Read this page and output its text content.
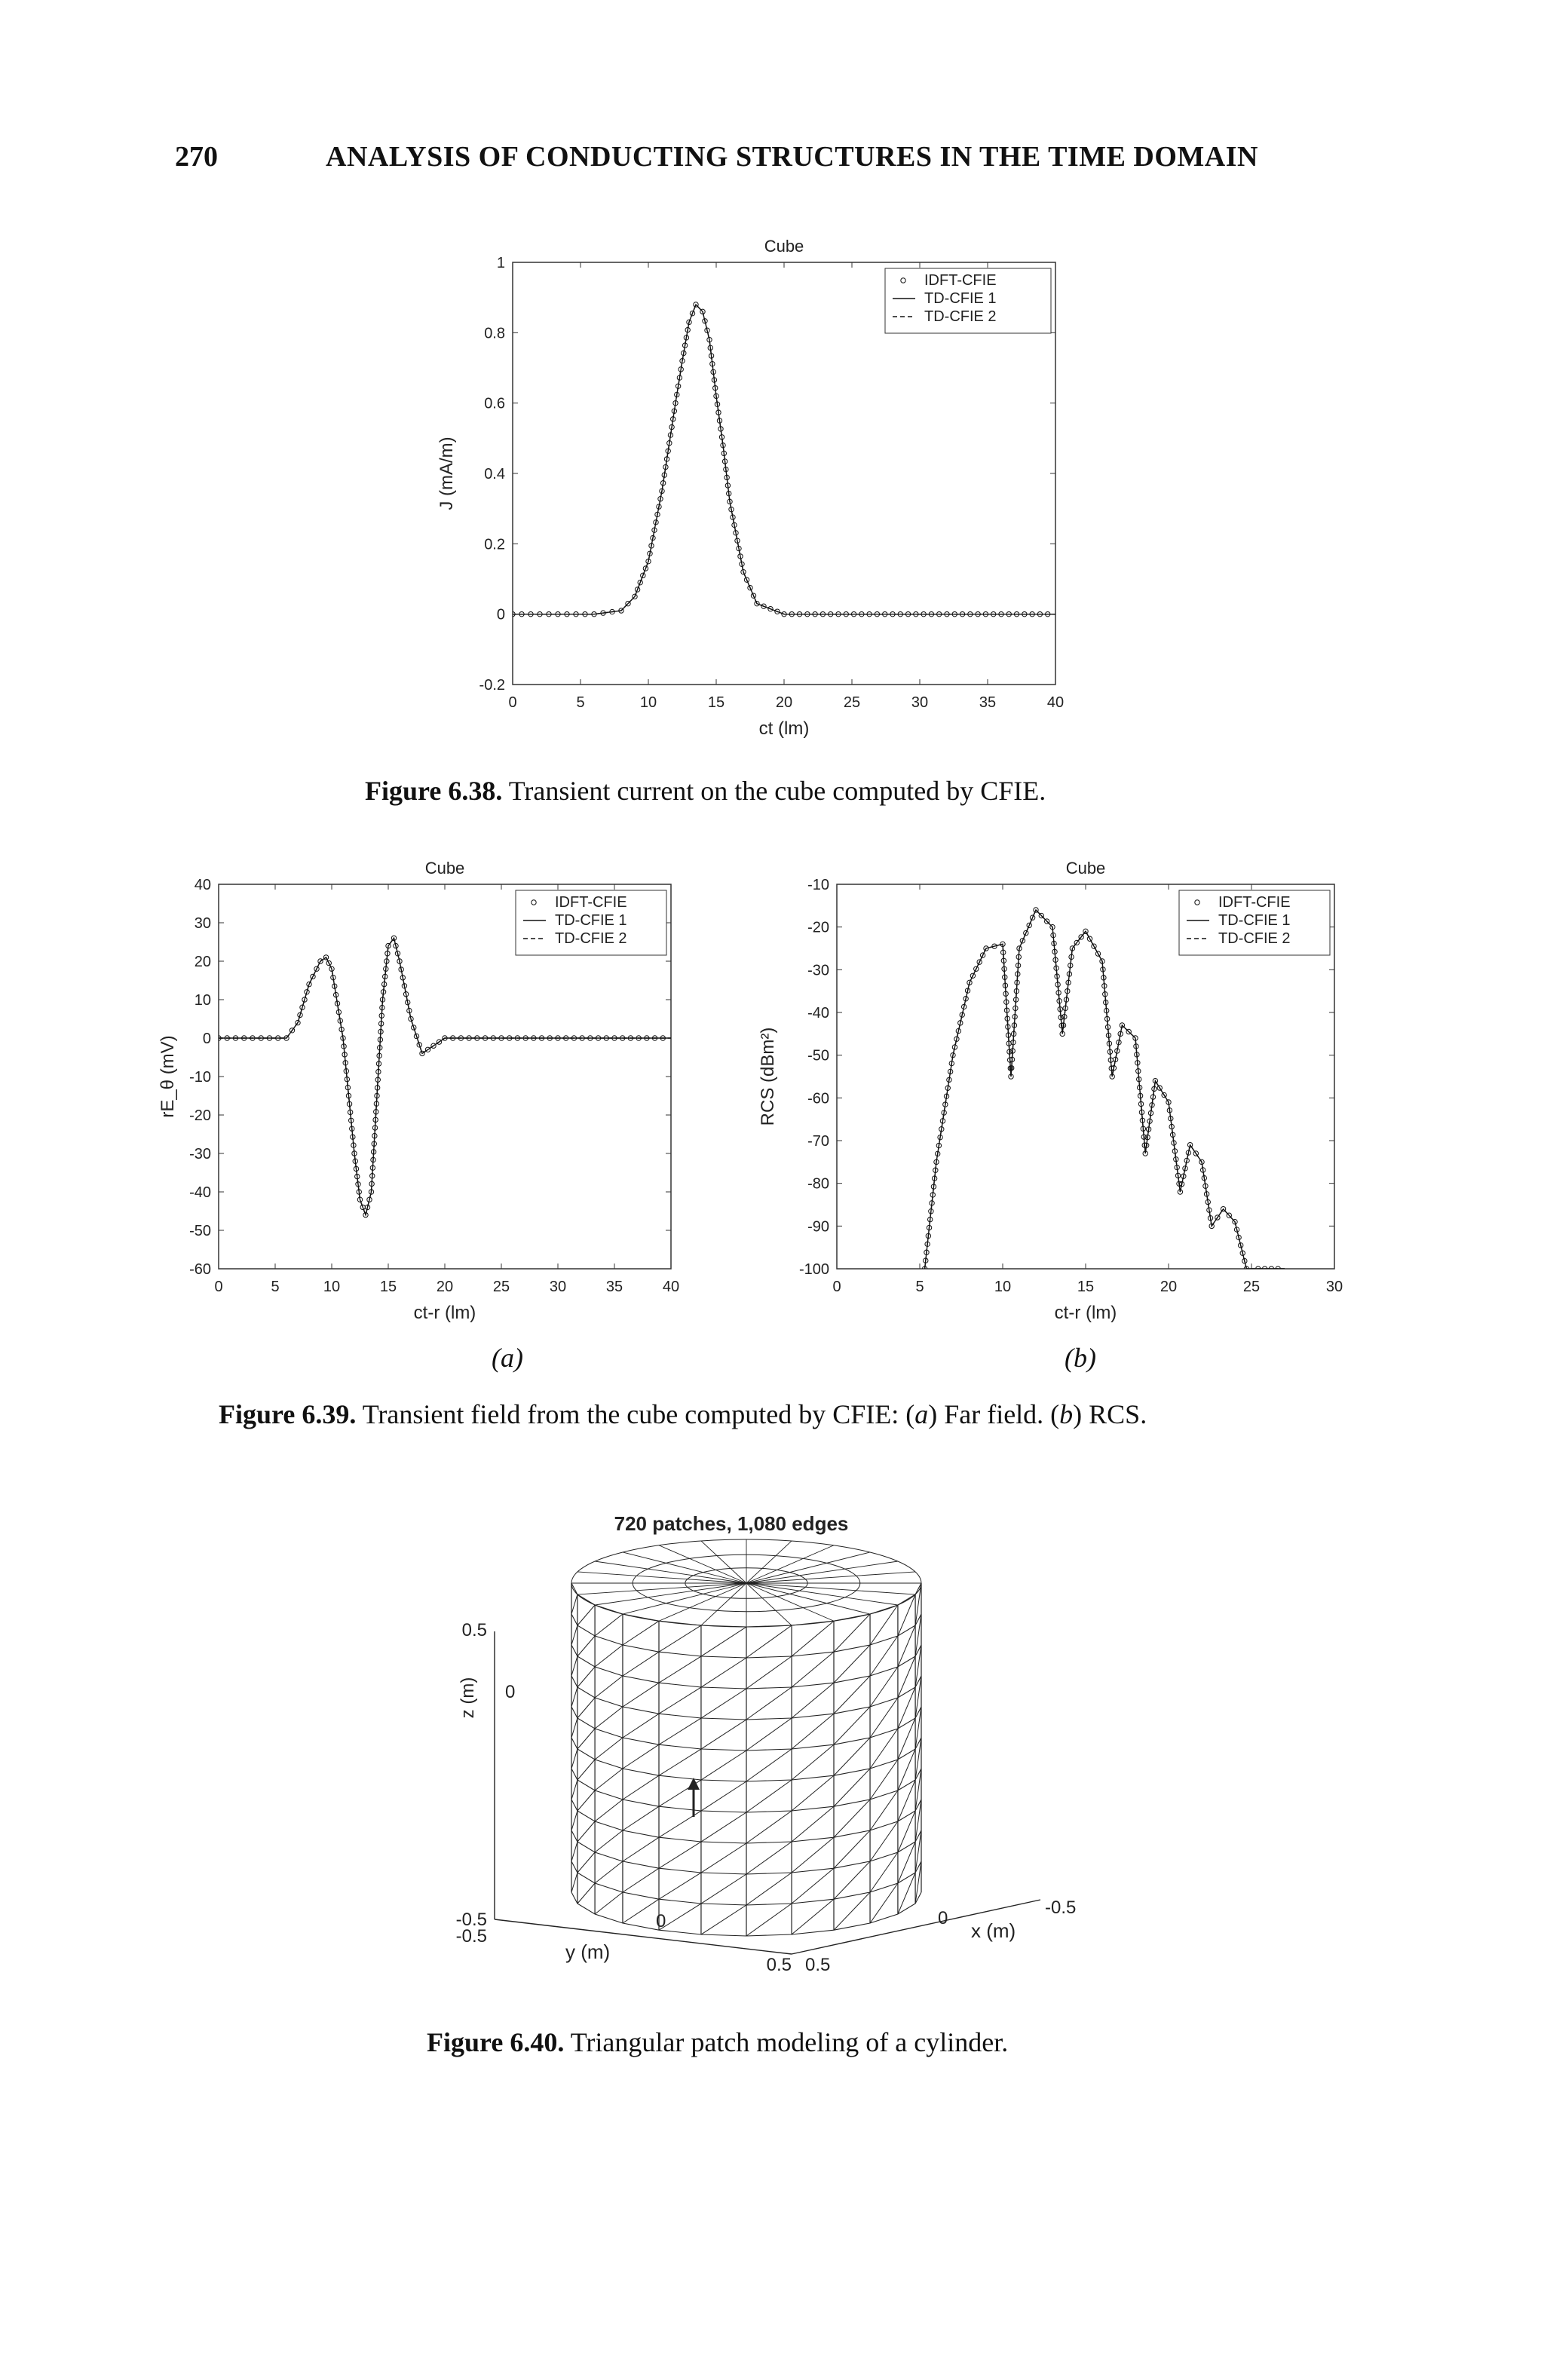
270	ANALYSIS OF CONDUCTING STRUCTURES IN THE TIME DOMAIN
Cube
0	5	10	15	20	25	30	35	40
-0.2
0
0.2
0.4
0.6
0.8
1
ct (lm)
J (mA/m)
IDFT-CFIE
TD-CFIE 1
TD-CFIE 2
Figure 6.38. Transient current on the cube computed by CFIE.
Cube
0	5	10	15	20	25	30	35	40
-60
-50
-40
-30
-20
-10
0
10
20
30
40
ct-r (lm)
rE_θ (mV)
IDFT-CFIE
TD-CFIE 1
TD-CFIE 2
Cube
0	5	10	15	20	25	30
-100
-90
-80
-70
-60
-50
-40
-30
-20
-10
ct-r (lm)
RCS (dBm²)
IDFT-CFIE
TD-CFIE 1
TD-CFIE 2
(a)	(b)
Figure 6.39. Transient field from the cube computed by CFIE: (a) Far field. (b) RCS.
720 patches, 1,080 edges
0.5
0
-0.5
z (m)
-0.5
0
0.5
y (m)
-0.5
0
0.5
x (m)
Figure 6.40. Triangular patch modeling of a cylinder.
